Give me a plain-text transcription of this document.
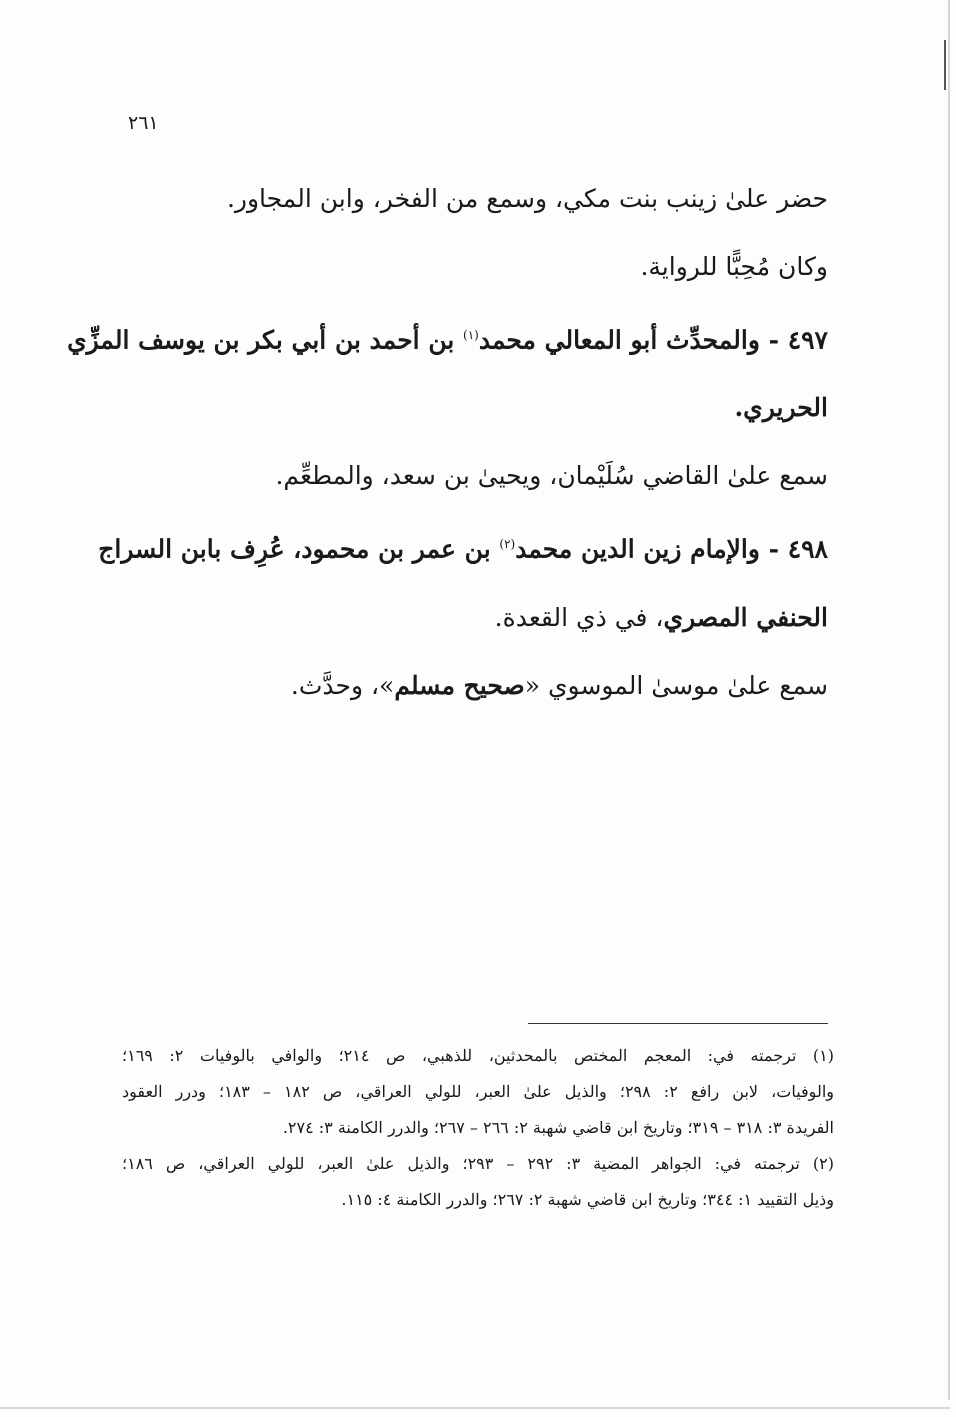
٢٦١
حضر علىٰ زينب بنت مكي، وسمع من الفخر، وابن المجاور.
وكان مُحِبًّا للرواية.
٤٩٧ - والمحدِّث أبو المعالي محمد$^{(١)}$ بن أحمد بن أبي بكر بن يوسف المزِّي
الحريري.
سمع علىٰ القاضي سُلَيْمان، ويحيىٰ بن سعد، والمطعِّم.
٤٩٨ - والإمام زين الدين محمد$^{(٢)}$ بن عمر بن محمود، عُرِف بابن السراج
الحنفي المصري، في ذي القعدة.
سمع علىٰ موسىٰ الموسوي «صحيح مسلم»، وحدَّث.
(١) ترجمته في: المعجم المختص بالمحدثين، للذهبي، ص ٢١٤؛ والوافي بالوفيات ٢: ١٦٩؛
والوفيات، لابن رافع ٢: ٢٩٨؛ والذيل علىٰ العبر، للولي العراقي، ص ١٨٢ – ١٨٣؛ ودرر العقود
الفريدة ٣: ٣١٨ – ٣١٩؛ وتاريخ ابن قاضي شهبة ٢: ٢٦٦ – ٢٦٧؛ والدرر الكامنة ٣: ٢٧٤.
(٢) ترجمته في: الجواهر المضية ٣: ٢٩٢ – ٢٩٣؛ والذيل علىٰ العبر، للولي العراقي، ص ١٨٦؛
وذيل التقييد ١: ٣٤٤؛ وتاريخ ابن قاضي شهبة ٢: ٢٦٧؛ والدرر الكامنة ٤: ١١٥.
